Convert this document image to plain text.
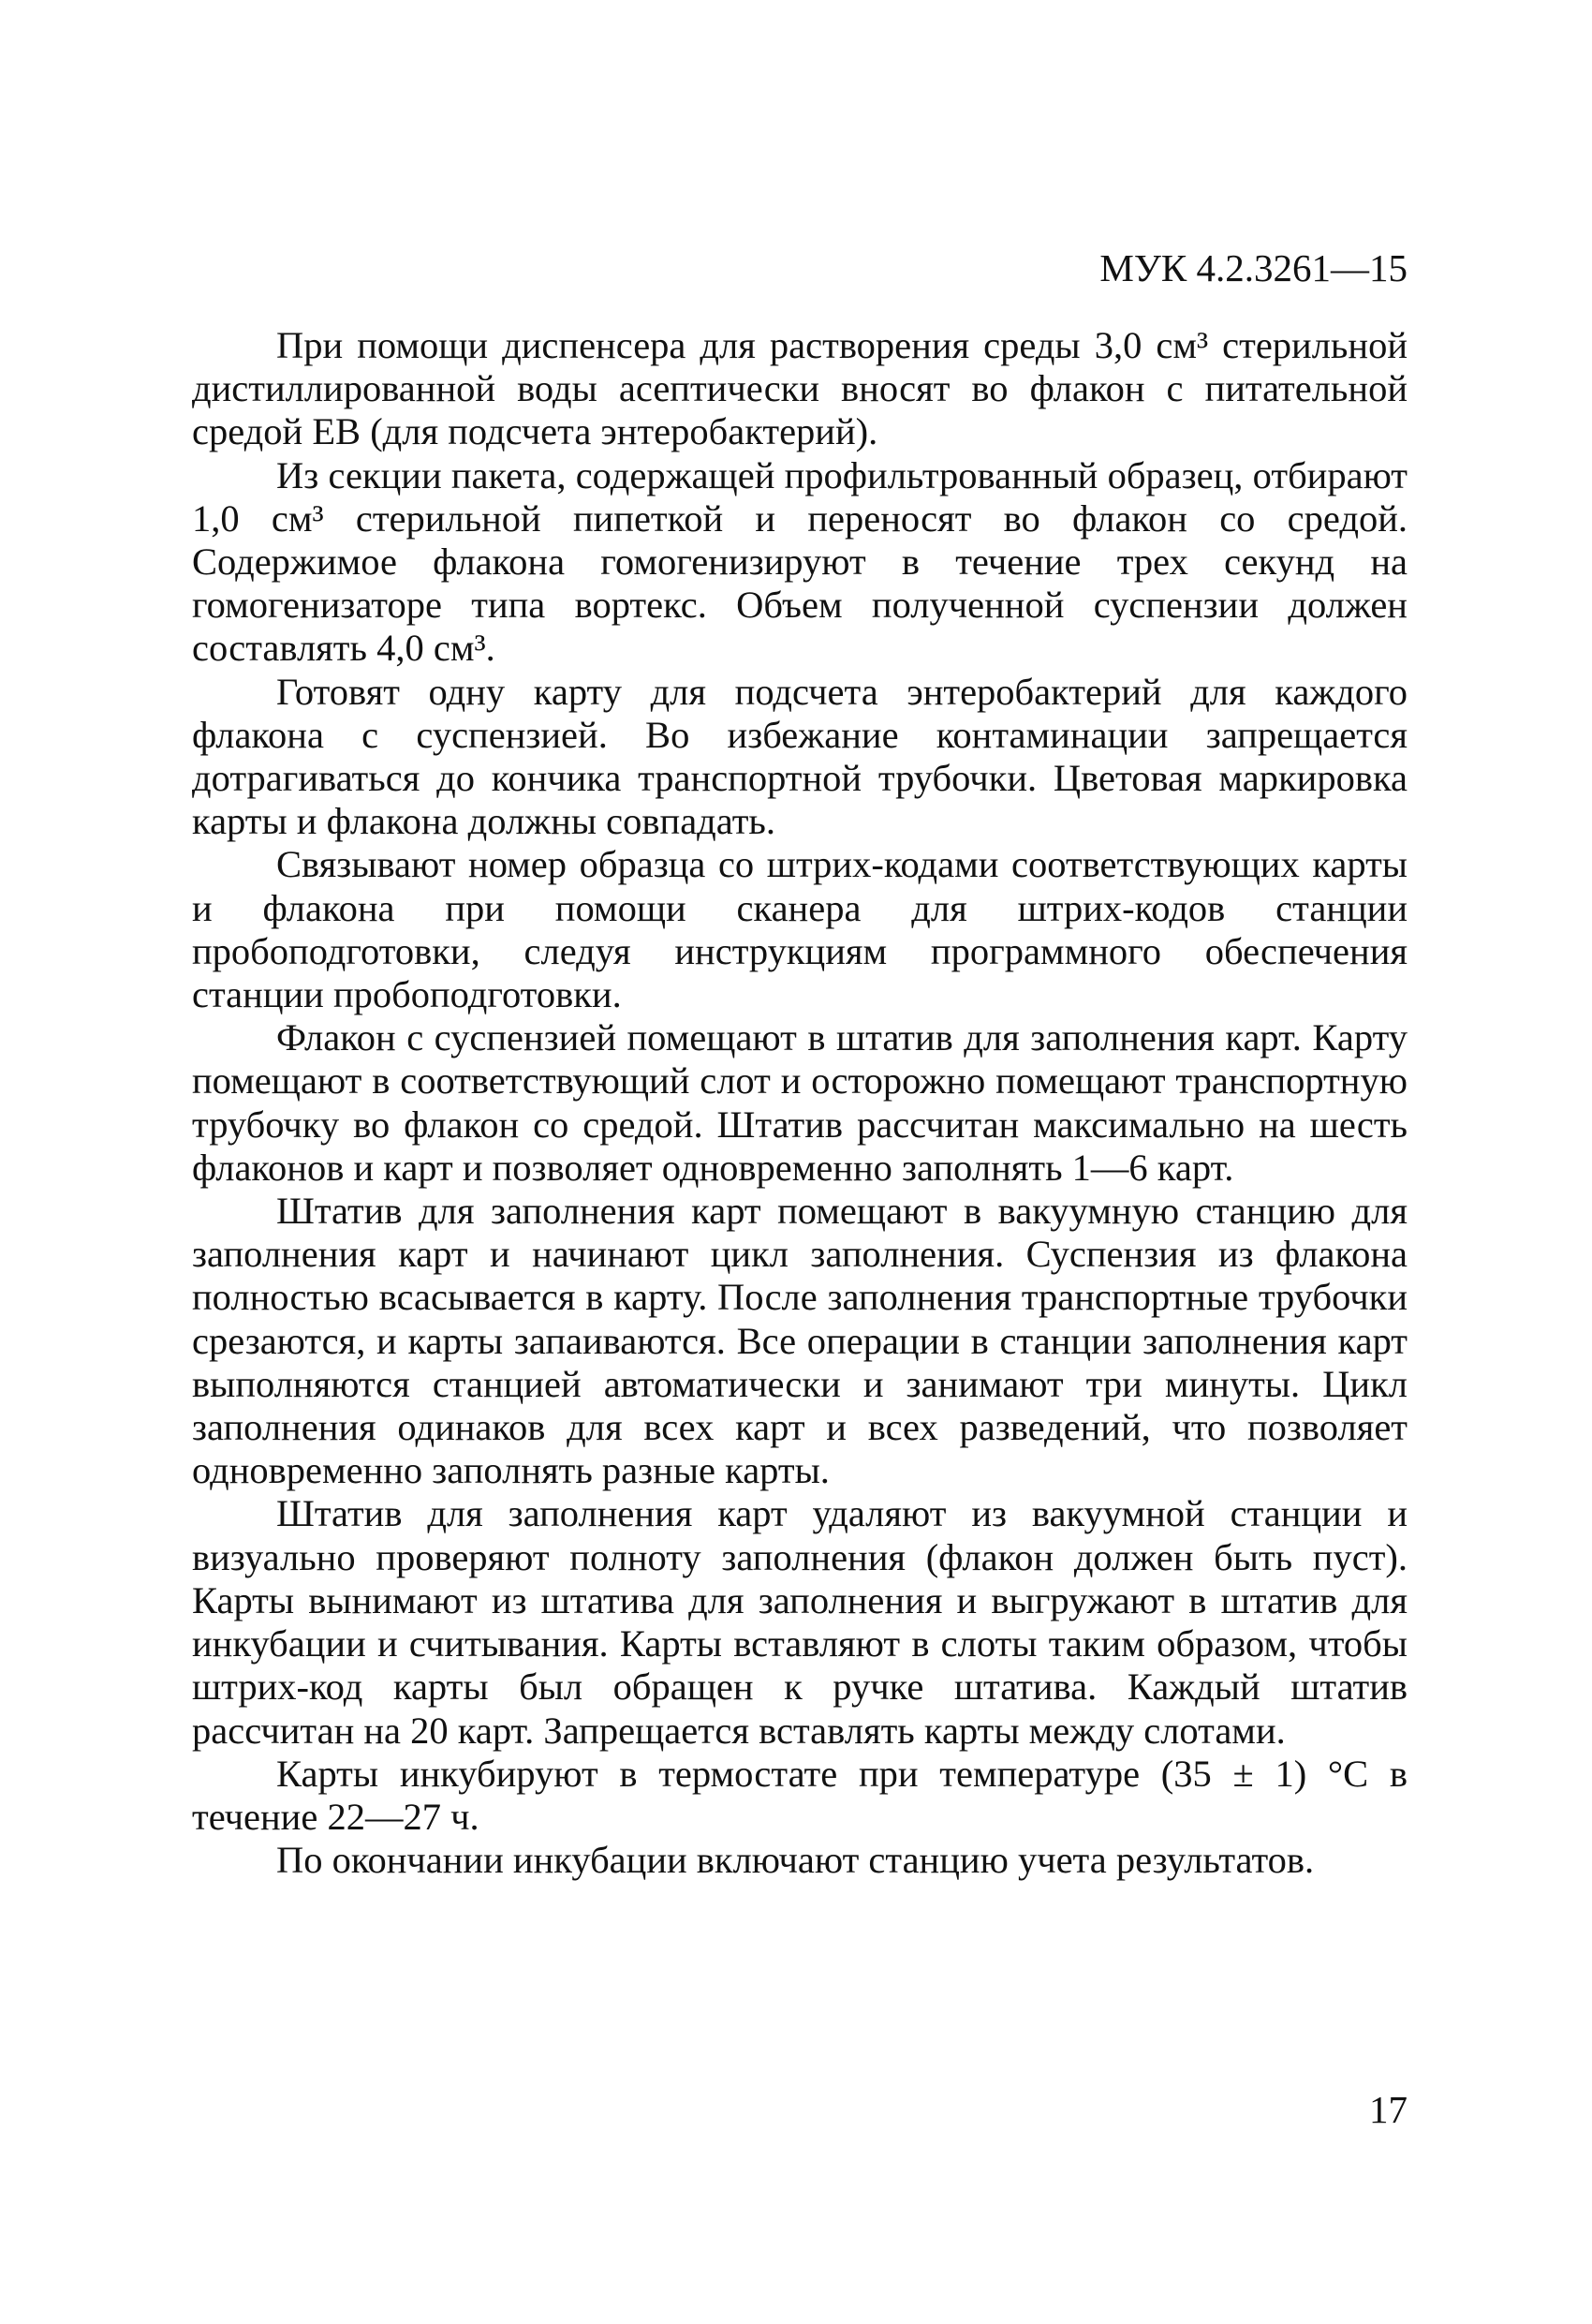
МУК 4.2.3261—15

При помощи диспенсера для растворения среды 3,0 см³ стерильной дистиллированной воды асептически вносят во флакон с питательной средой ЕВ (для подсчета энтеробактерий).

Из секции пакета, содержащей профильтрованный образец, отбирают 1,0 см³ стерильной пипеткой и переносят во флакон со средой. Содержимое флакона гомогенизируют в течение трех секунд на гомогенизаторе типа вортекс. Объем полученной суспензии должен составлять 4,0 см³.

Готовят одну карту для подсчета энтеробактерий для каждого флакона с суспензией. Во избежание контаминации запрещается дотрагиваться до кончика транспортной трубочки. Цветовая маркировка карты и флакона должны совпадать.

Связывают номер образца со штрих-кодами соответствующих карты и флакона при помощи сканера для штрих-кодов станции пробоподготовки, следуя инструкциям программного обеспечения станции пробоподготовки.

Флакон с суспензией помещают в штатив для заполнения карт. Карту помещают в соответствующий слот и осторожно помещают транспортную трубочку во флакон со средой. Штатив рассчитан максимально на шесть флаконов и карт и позволяет одновременно заполнять 1—6 карт.

Штатив для заполнения карт помещают в вакуумную станцию для заполнения карт и начинают цикл заполнения. Суспензия из флакона полностью всасывается в карту. После заполнения транспортные трубочки срезаются, и карты запаиваются. Все операции в станции заполнения карт выполняются станцией автоматически и занимают три минуты. Цикл заполнения одинаков для всех карт и всех разведений, что позволяет одновременно заполнять разные карты.

Штатив для заполнения карт удаляют из вакуумной станции и визуально проверяют полноту заполнения (флакон должен быть пуст). Карты вынимают из штатива для заполнения и выгружают в штатив для инкубации и считывания. Карты вставляют в слоты таким образом, чтобы штрих-код карты был обращен к ручке штатива. Каждый штатив рассчитан на 20 карт. Запрещается вставлять карты между слотами.

Карты инкубируют в термостате при температуре (35 ± 1) °С в течение 22—27 ч.

По окончании инкубации включают станцию учета результатов.

17
